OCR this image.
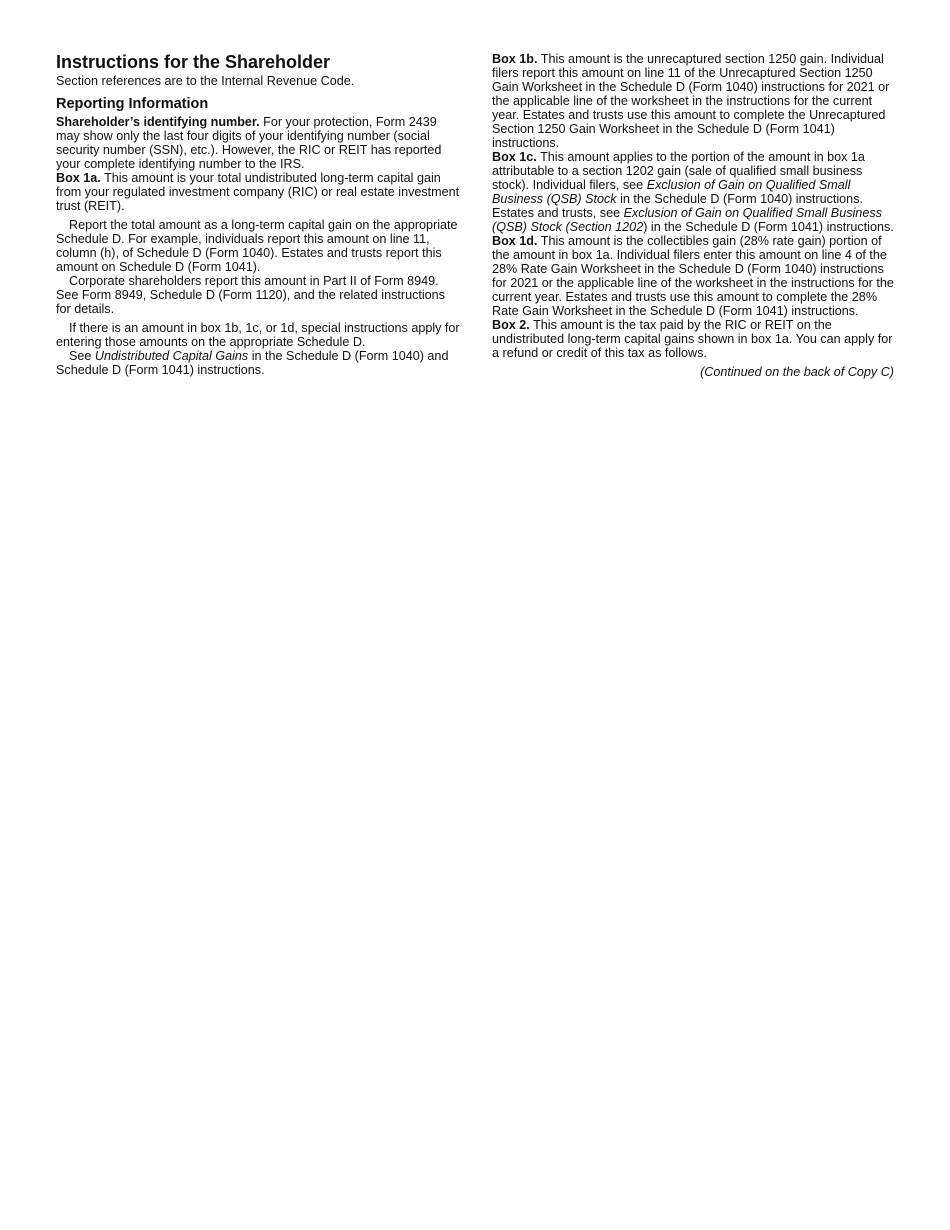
Instructions for the Shareholder

Section references are to the Internal Revenue Code.

Reporting Information

Shareholder’s identifying number. For your protection, Form 2439 may show only the last four digits of your identifying number (social security number (SSN), etc.). However, the RIC or REIT has reported your complete identifying number to the IRS.

Box 1a. This amount is your total undistributed long-term capital gain from your regulated investment company (RIC) or real estate investment trust (REIT).

Report the total amount as a long-term capital gain on the appropriate Schedule D. For example, individuals report this amount on line 11, column (h), of Schedule D (Form 1040). Estates and trusts report this amount on Schedule D (Form 1041).

Corporate shareholders report this amount in Part II of Form 8949. See Form 8949, Schedule D (Form 1120), and the related instructions for details.

If there is an amount in box 1b, 1c, or 1d, special instructions apply for entering those amounts on the appropriate Schedule D.

See Undistributed Capital Gains in the Schedule D (Form 1040) and Schedule D (Form 1041) instructions.

Box 1b. This amount is the unrecaptured section 1250 gain. Individual filers report this amount on line 11 of the Unrecaptured Section 1250 Gain Worksheet in the Schedule D (Form 1040) instructions for 2021 or the applicable line of the worksheet in the instructions for the current year. Estates and trusts use this amount to complete the Unrecaptured Section 1250 Gain Worksheet in the Schedule D (Form 1041) instructions.

Box 1c. This amount applies to the portion of the amount in box 1a attributable to a section 1202 gain (sale of qualified small business stock). Individual filers, see Exclusion of Gain on Qualified Small Business (QSB) Stock in the Schedule D (Form 1040) instructions. Estates and trusts, see Exclusion of Gain on Qualified Small Business (QSB) Stock (Section 1202) in the Schedule D (Form 1041) instructions.

Box 1d. This amount is the collectibles gain (28% rate gain) portion of the amount in box 1a. Individual filers enter this amount on line 4 of the 28% Rate Gain Worksheet in the Schedule D (Form 1040) instructions for 2021 or the applicable line of the worksheet in the instructions for the current year. Estates and trusts use this amount to complete the 28% Rate Gain Worksheet in the Schedule D (Form 1041) instructions.

Box 2. This amount is the tax paid by the RIC or REIT on the undistributed long-term capital gains shown in box 1a. You can apply for a refund or credit of this tax as follows.

(Continued on the back of Copy C)
